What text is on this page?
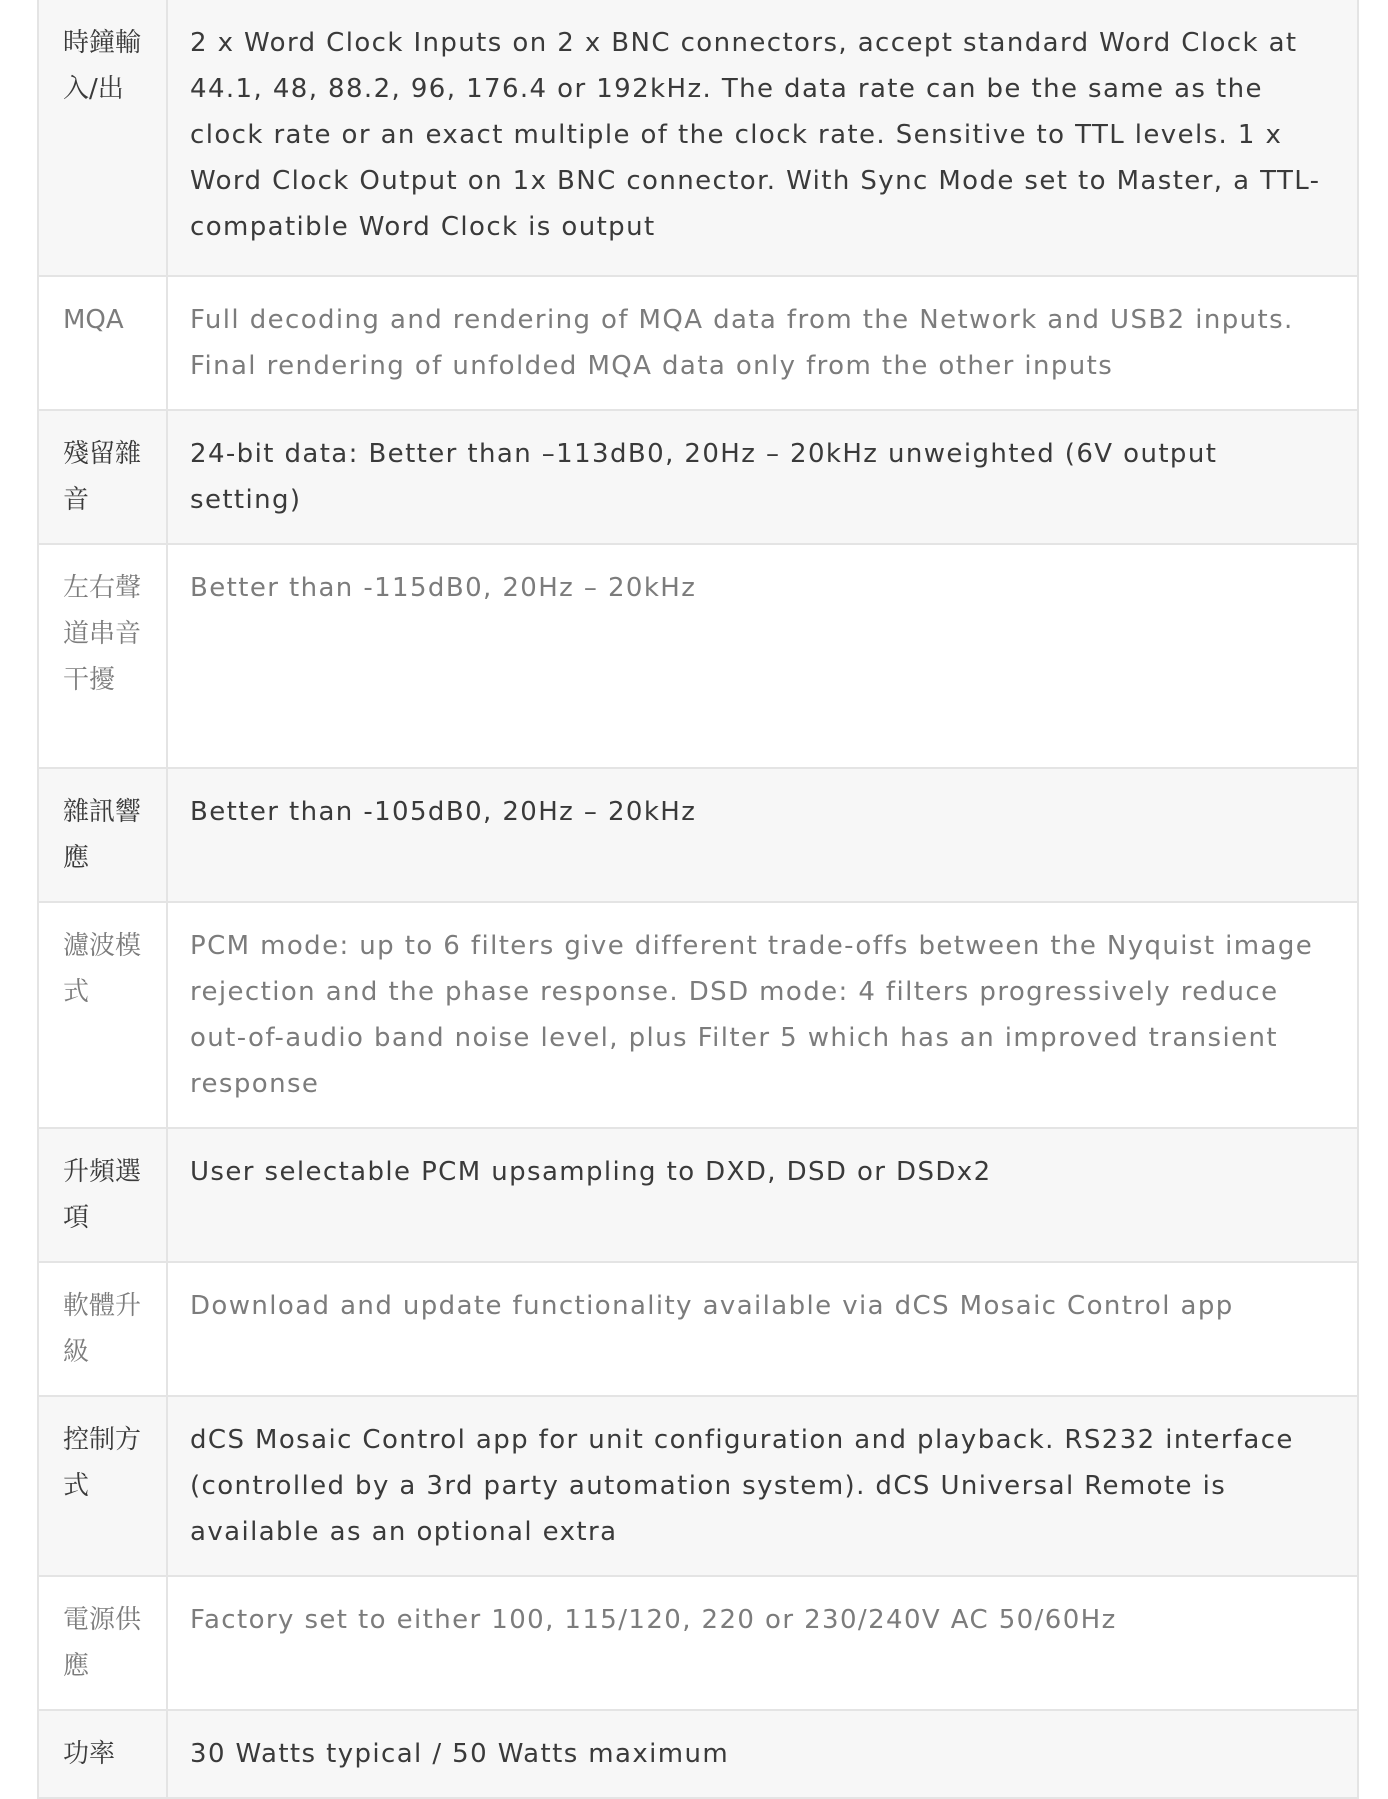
時鐘輸入/出	2 x Word Clock Inputs on 2 x BNC connectors, accept standard Word Clock at 44.1, 48, 88.2, 96, 176.4 or 192kHz. The data rate can be the same as the clock rate or an exact multiple of the clock rate. Sensitive to TTL levels. 1 x Word Clock Output on 1x BNC connector. With Sync Mode set to Master, a TTL-compatible Word Clock is output

MQA	Full decoding and rendering of MQA data from the Network and USB2 inputs. Final rendering of unfolded MQA data only from the other inputs

殘留雜音	24-bit data: Better than –113dB0, 20Hz – 20kHz unweighted (6V output setting)

左右聲道串音干擾	Better than -115dB0, 20Hz – 20kHz

雜訊響應	Better than -105dB0, 20Hz – 20kHz

濾波模式	PCM mode: up to 6 filters give different trade-offs between the Nyquist image rejection and the phase response. DSD mode: 4 filters progressively reduce out-of-audio band noise level, plus Filter 5 which has an improved transient response

升頻選項	User selectable PCM upsampling to DXD, DSD or DSDx2

軟體升級	Download and update functionality available via dCS Mosaic Control app

控制方式	dCS Mosaic Control app for unit configuration and playback. RS232 interface (controlled by a 3rd party automation system). dCS Universal Remote is available as an optional extra

電源供應	Factory set to either 100, 115/120, 220 or 230/240V AC 50/60Hz

功率	30 Watts typical / 50 Watts maximum
